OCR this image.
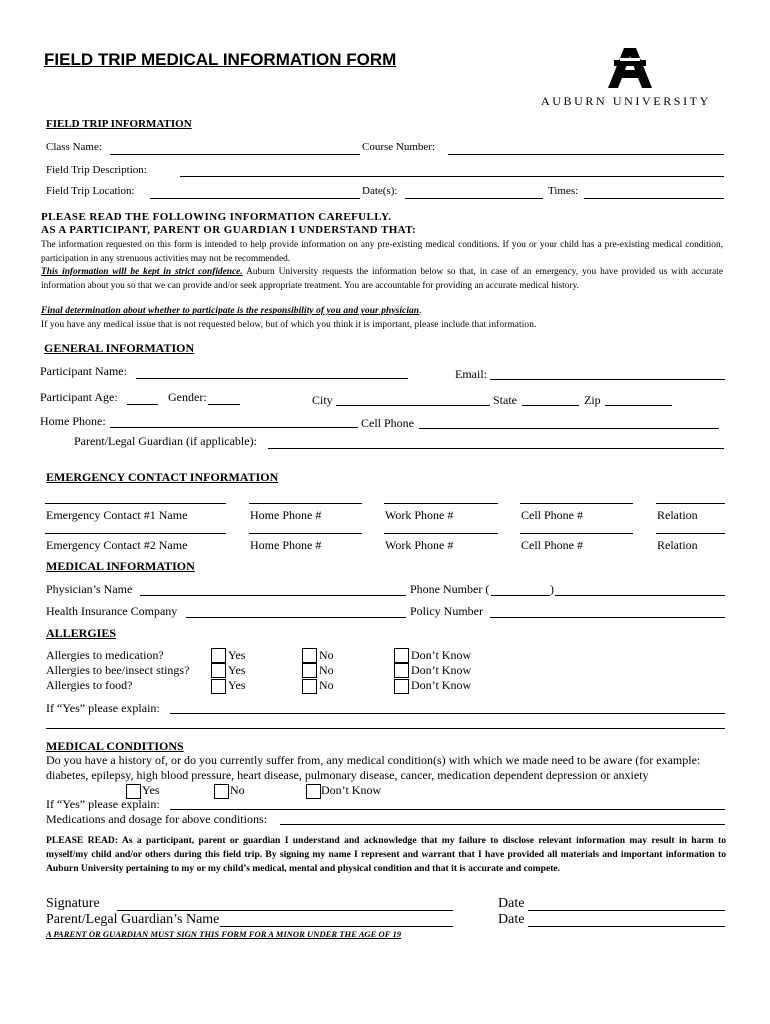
FIELD TRIP MEDICAL INFORMATION FORM
AUBURN UNIVERSITY
FIELD TRIP INFORMATION
Class Name:	Course Number:
Field Trip Description:
Field Trip Location:	Date(s):	Times:
PLEASE READ THE FOLLOWING INFORMATION CAREFULLY.
AS A PARTICIPANT, PARENT OR GUARDIAN I UNDERSTAND THAT:
The information requested on this form is intended to help provide information on any pre-existing medical conditions. If you or your child has a pre-existing medical condition, participation in any strenuous activities may not be recommended.
This information will be kept in strict confidence. Auburn University requests the information below so that, in case of an emergency, you have provided us with accurate information about you so that we can provide and/or seek appropriate treatment. You are accountable for providing an accurate medical history.
Final determination about whether to participate is the responsibility of you and your physician.
If you have any medical issue that is not requested below, but of which you think it is important, please include that information.
GENERAL INFORMATION
Participant Name:	Email:
Participant Age:	Gender:	City	State	Zip
Home Phone:	Cell Phone
Parent/Legal Guardian (if applicable):
EMERGENCY CONTACT INFORMATION
Emergency Contact #1 Name	Home Phone #	Work Phone #	Cell Phone #	Relation
Emergency Contact #2 Name	Home Phone #	Work Phone #	Cell Phone #	Relation
MEDICAL INFORMATION
Physician’s Name	Phone Number (	)
Health Insurance Company	Policy Number
ALLERGIES
Allergies to medication?	Yes	No	Don’t Know
Allergies to bee/insect stings?	Yes	No	Don’t Know
Allergies to food?	Yes	No	Don’t Know
If “Yes” please explain:
MEDICAL CONDITIONS
Do you have a history of, or do you currently suffer from, any medical condition(s) with which we made need to be aware (for example:
diabetes, epilepsy, high blood pressure, heart disease, pulmonary disease, cancer, medication dependent depression or anxiety
Yes	No	Don’t Know
If “Yes” please explain:
Medications and dosage for above conditions:
PLEASE READ: As a participant, parent or guardian I understand and acknowledge that my failure to disclose relevant information may result in harm to myself/my child and/or others during this field trip. By signing my name I represent and warrant that I have provided all materials and important information to Auburn University pertaining to my or my child’s medical, mental and physical condition and that it is accurate and compete.
Signature	Date
Parent/Legal Guardian’s Name	Date
A PARENT OR GUARDIAN MUST SIGN THIS FORM FOR A MINOR UNDER THE AGE OF 19
